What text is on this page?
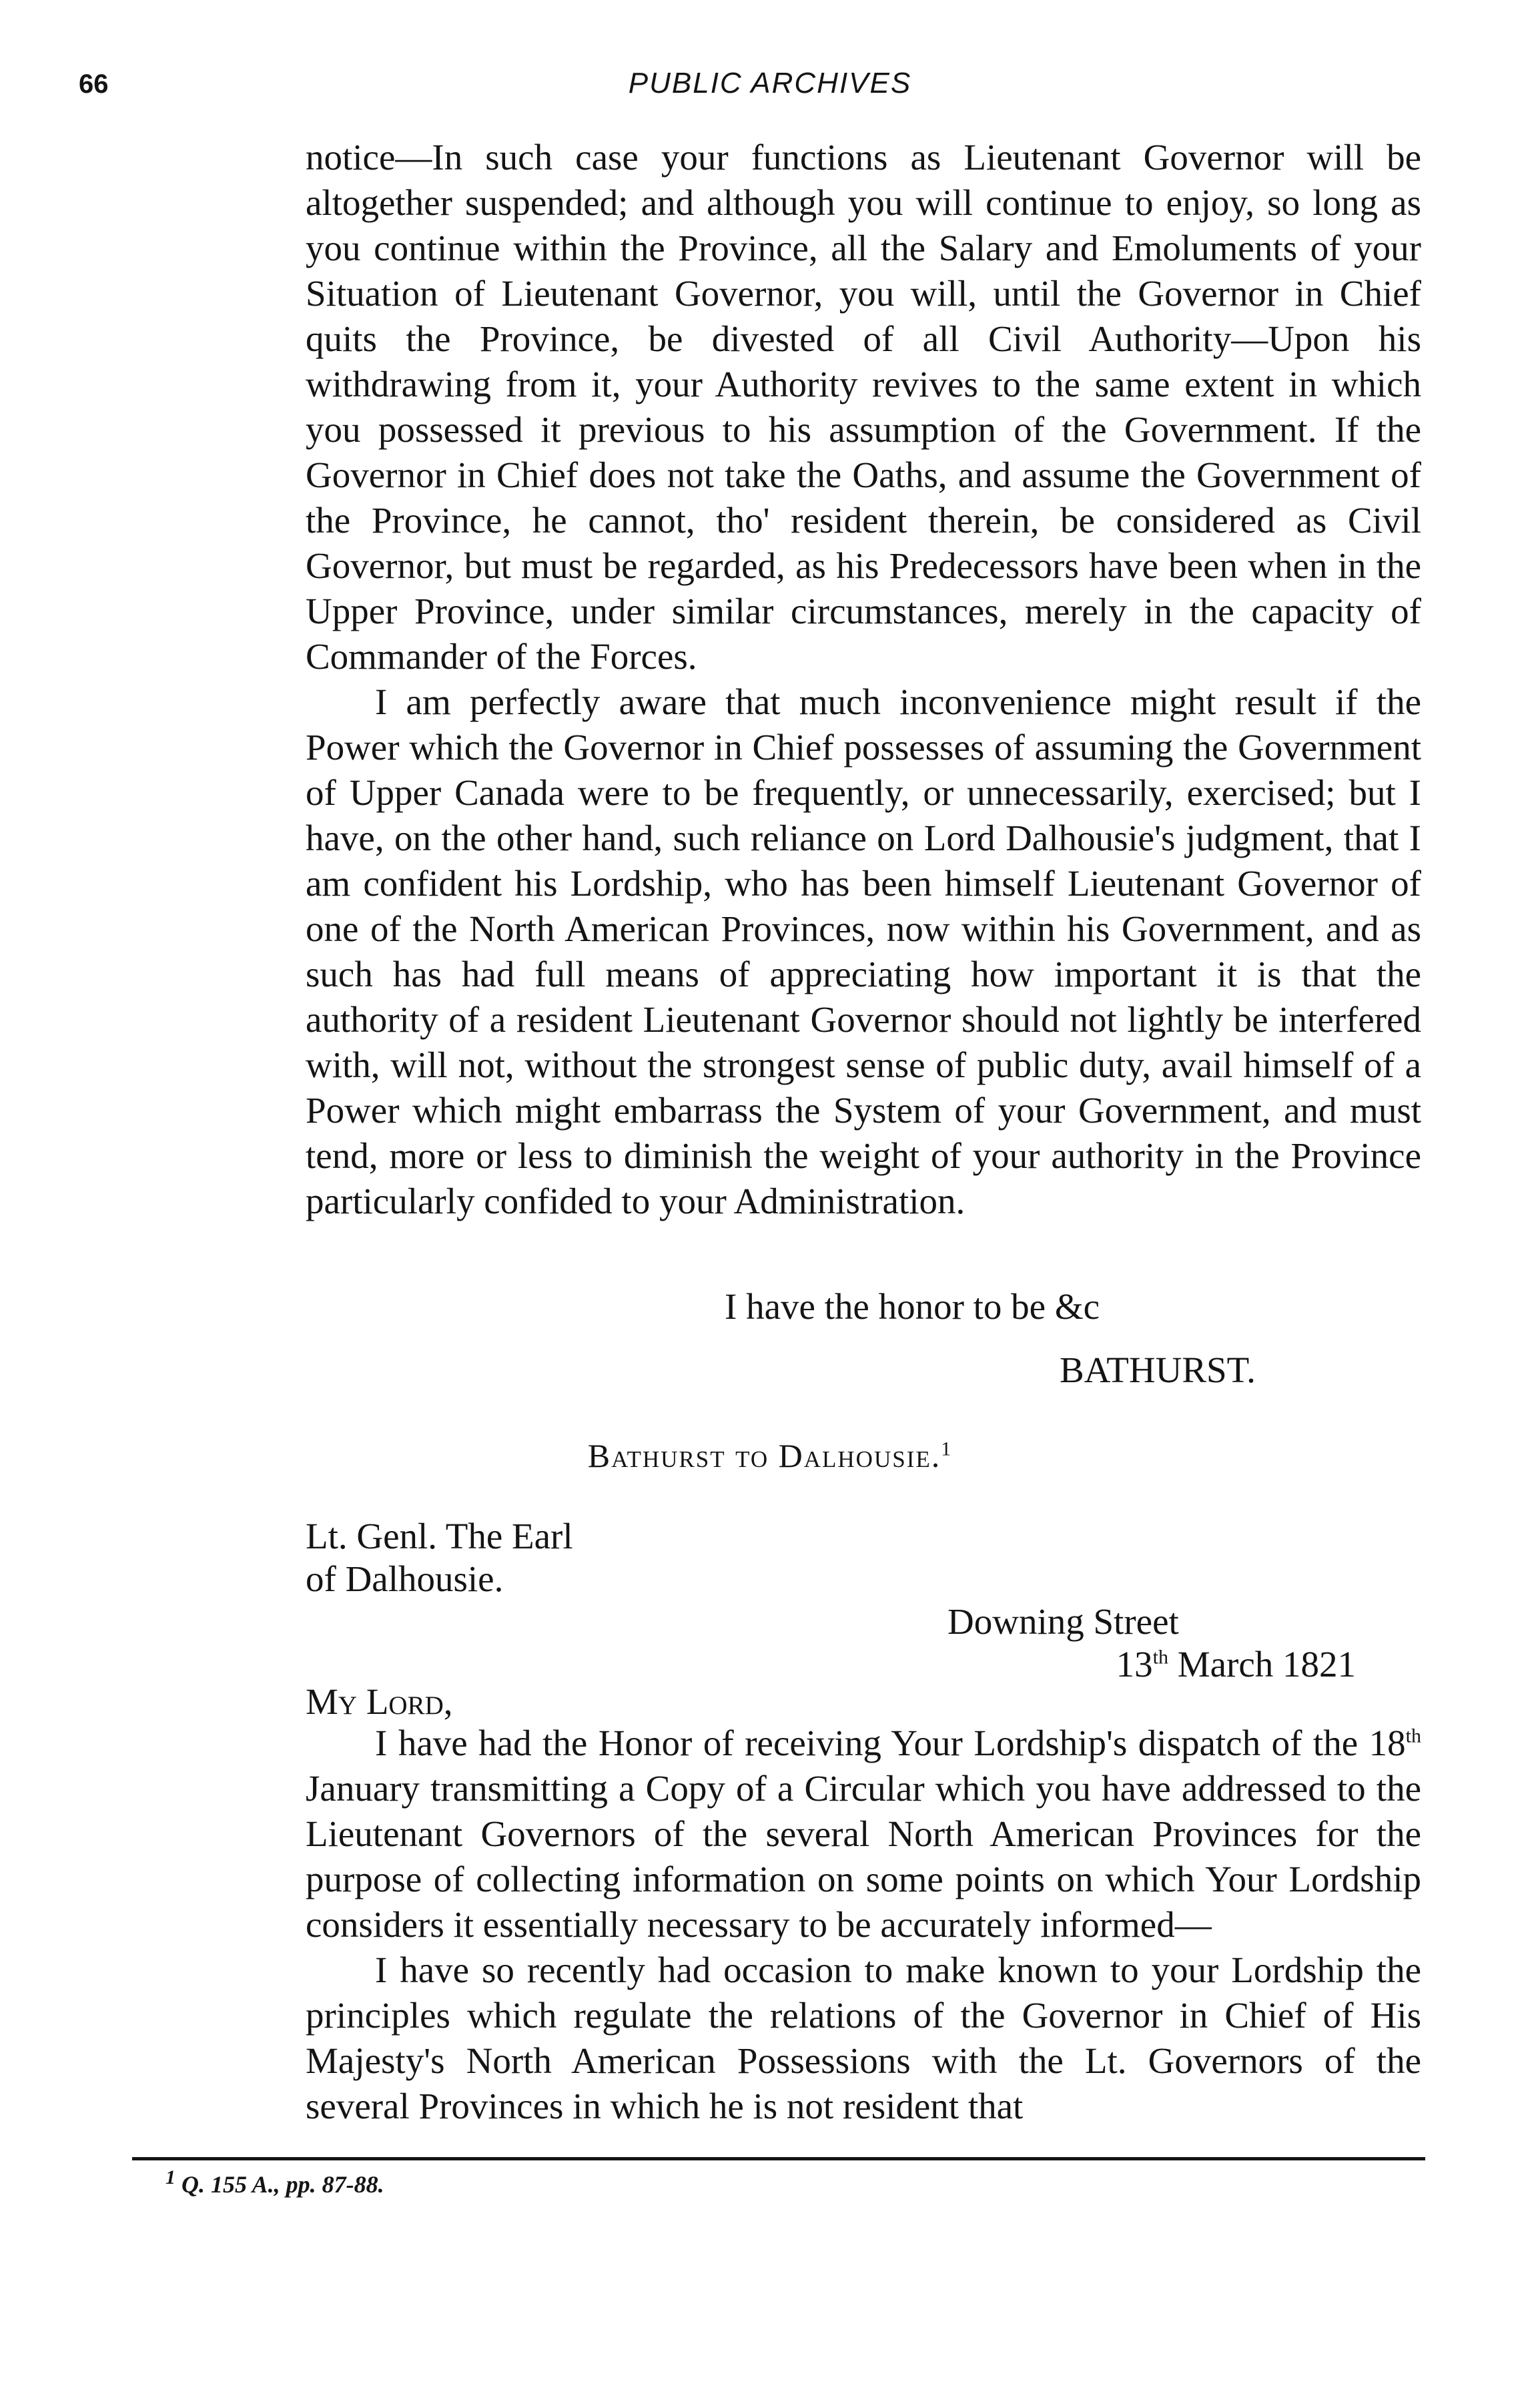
66	PUBLIC ARCHIVES

notice—In such case your functions as Lieutenant Governor will be altogether suspended; and although you will continue to enjoy, so long as you continue within the Province, all the Salary and Emoluments of your Situation of Lieutenant Governor, you will, until the Governor in Chief quits the Province, be divested of all Civil Authority—Upon his withdrawing from it, your Authority revives to the same extent in which you possessed it previous to his assumption of the Government. If the Governor in Chief does not take the Oaths, and assume the Government of the Province, he cannot, tho' resident therein, be considered as Civil Governor, but must be regarded, as his Predecessors have been when in the Upper Province, under similar circumstances, merely in the capacity of Commander of the Forces.

I am perfectly aware that much inconvenience might result if the Power which the Governor in Chief possesses of assuming the Government of Upper Canada were to be frequently, or unnecessarily, exercised; but I have, on the other hand, such reliance on Lord Dalhousie's judgment, that I am confident his Lordship, who has been himself Lieutenant Governor of one of the North American Provinces, now within his Government, and as such has had full means of appreciating how important it is that the authority of a resident Lieutenant Governor should not lightly be interfered with, will not, without the strongest sense of public duty, avail himself of a Power which might embarrass the System of your Government, and must tend, more or less to diminish the weight of your authority in the Province particularly confided to your Administration.

I have the honor to be &c
BATHURST.
Bathurst to Dalhousie.$^1$
Lt. Genl. The Earl
of Dalhousie.
Downing Street
13th March 1821
My Lord,

I have had the Honor of receiving Your Lordship's dispatch of the 18th January transmitting a Copy of a Circular which you have addressed to the Lieutenant Governors of the several North American Provinces for the purpose of collecting information on some points on which Your Lordship considers it essentially necessary to be accurately informed—

I have so recently had occasion to make known to your Lordship the principles which regulate the relations of the Governor in Chief of His Majesty's North American Possessions with the Lt. Governors of the several Provinces in which he is not resident that

$^1$ Q. 155 A., pp. 87-88.
